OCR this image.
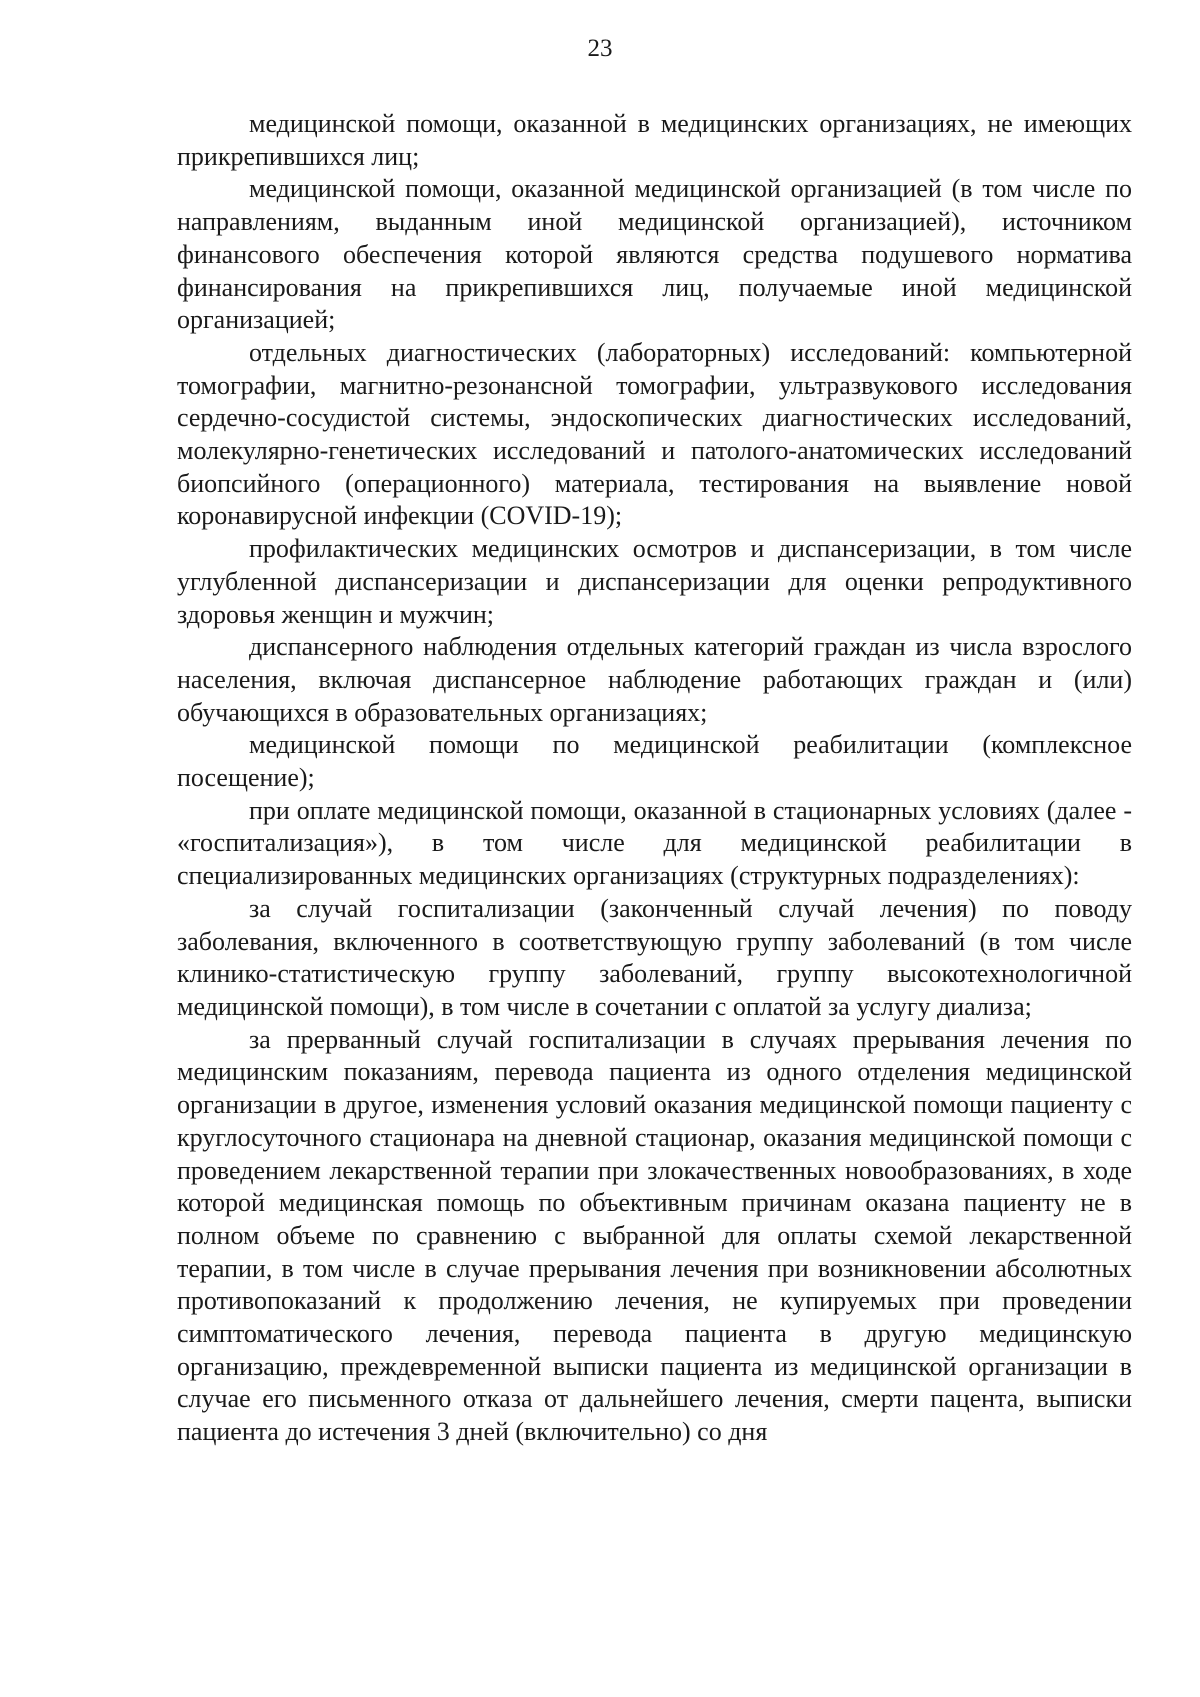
23

медицинской помощи, оказанной в медицинских организациях, не имеющих прикрепившихся лиц;

медицинской помощи, оказанной медицинской организацией (в том числе по направлениям, выданным иной медицинской организацией), источником финансового обеспечения которой являются средства подушевого норматива финансирования на прикрепившихся лиц, получаемые иной медицинской организацией;

отдельных диагностических (лабораторных) исследований: компьютерной томографии, магнитно-резонансной томографии, ультразвукового исследования сердечно-сосудистой системы, эндоскопических диагностических исследований, молекулярно-генетических исследований и патолого-анатомических исследований биопсийного (операционного) материала, тестирования на выявление новой коронавирусной инфекции (COVID-19);

профилактических медицинских осмотров и диспансеризации, в том числе углубленной диспансеризации и диспансеризации для оценки репродуктивного здоровья женщин и мужчин;

диспансерного наблюдения отдельных категорий граждан из числа взрослого населения, включая диспансерное наблюдение работающих граждан и (или) обучающихся в образовательных организациях;

медицинской помощи по медицинской реабилитации (комплексное посещение);

при оплате медицинской помощи, оказанной в стационарных условиях (далее - «госпитализация»), в том числе для медицинской реабилитации в специализированных медицинских организациях (структурных подразделениях):

за случай госпитализации (законченный случай лечения) по поводу заболевания, включенного в соответствующую группу заболеваний (в том числе клинико-статистическую группу заболеваний, группу высокотехнологичной медицинской помощи), в том числе в сочетании с оплатой за услугу диализа;

за прерванный случай госпитализации в случаях прерывания лечения по медицинским показаниям, перевода пациента из одного отделения медицинской организации в другое, изменения условий оказания медицинской помощи пациенту с круглосуточного стационара на дневной стационар, оказания медицинской помощи с проведением лекарственной терапии при злокачественных новообразованиях, в ходе которой медицинская помощь по объективным причинам оказана пациенту не в полном объеме по сравнению с выбранной для оплаты схемой лекарственной терапии, в том числе в случае прерывания лечения при возникновении абсолютных противопоказаний к продолжению лечения, не купируемых при проведении симптоматического лечения, перевода пациента в другую медицинскую организацию, преждевременной выписки пациента из медицинской организации в случае его письменного отказа от дальнейшего лечения, смерти пацента, выписки пациента до истечения 3 дней (включительно) со дня
